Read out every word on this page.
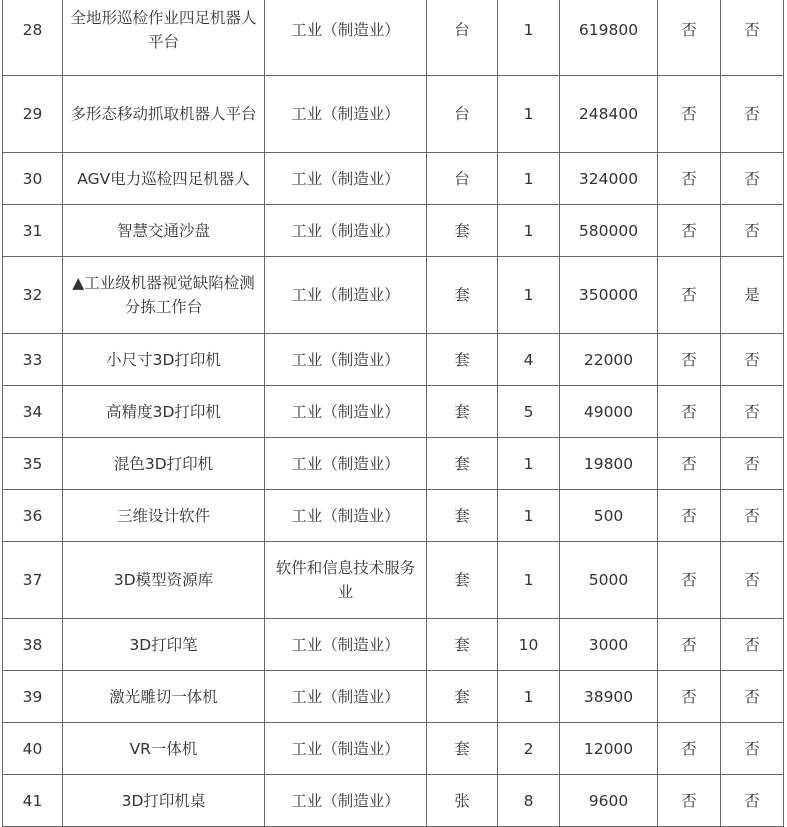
28	全地形巡检作业四足机器人平台	工业（制造业）	台	1	619800	否	否
29	多形态移动抓取机器人平台	工业（制造业）	台	1	248400	否	否
30	AGV电力巡检四足机器人	工业（制造业）	台	1	324000	否	否
31	智慧交通沙盘	工业（制造业）	套	1	580000	否	否
32	▲工业级机器视觉缺陷检测分拣工作台	工业（制造业）	套	1	350000	否	是
33	小尺寸3D打印机	工业（制造业）	套	4	22000	否	否
34	高精度3D打印机	工业（制造业）	套	5	49000	否	否
35	混色3D打印机	工业（制造业）	套	1	19800	否	否
36	三维设计软件	工业（制造业）	套	1	500	否	否
37	3D模型资源库	软件和信息技术服务业	套	1	5000	否	否
38	3D打印笔	工业（制造业）	套	10	3000	否	否
39	激光雕切一体机	工业（制造业）	套	1	38900	否	否
40	VR一体机	工业（制造业）	套	2	12000	否	否
41	3D打印机桌	工业（制造业）	张	8	9600	否	否
